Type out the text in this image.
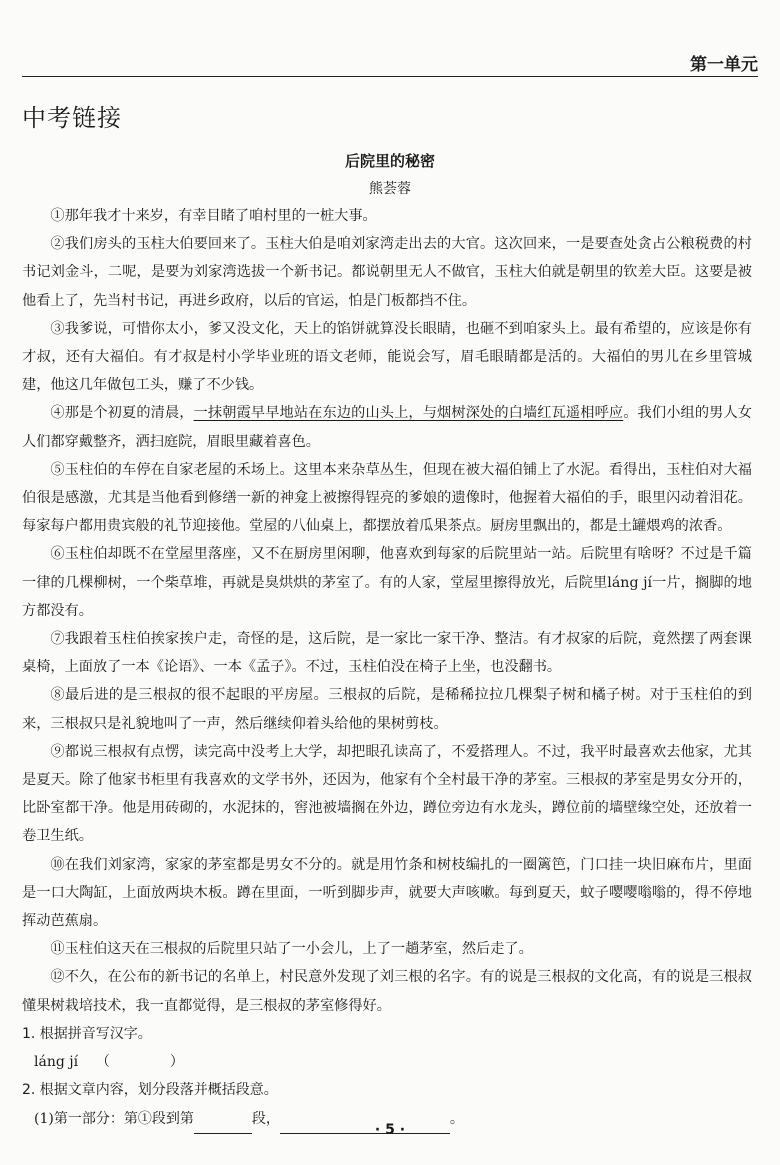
第一单元
中考链接
后院里的秘密
熊荟蓉

①那年我才十来岁，有幸目睹了咱村里的一桩大事。

②我们房头的玉柱大伯要回来了。玉柱大伯是咱刘家湾走出去的大官。这次回来，一是要查处贪占公粮税费的村书记刘金斗，二呢，是要为刘家湾选拔一个新书记。都说朝里无人不做官，玉柱大伯就是朝里的钦差大臣。这要是被他看上了，先当村书记，再进乡政府，以后的官运，怕是门板都挡不住。

③我爹说，可惜你太小，爹又没文化，天上的馅饼就算没长眼睛，也砸不到咱家头上。最有希望的，应该是你有才叔，还有大福伯。有才叔是村小学毕业班的语文老师，能说会写，眉毛眼睛都是活的。大福伯的男儿在乡里管城建，他这几年做包工头，赚了不少钱。

④那是个初夏的清晨，一抹朝霞早早地站在东边的山头上，与烟树深处的白墙红瓦遥相呼应。我们小组的男人女人们都穿戴整齐，洒扫庭院，眉眼里藏着喜色。

⑤玉柱伯的车停在自家老屋的禾场上。这里本来杂草丛生，但现在被大福伯铺上了水泥。看得出，玉柱伯对大福伯很是感激，尤其是当他看到修缮一新的神龛上被擦得锃亮的爹娘的遗像时，他握着大福伯的手，眼里闪动着泪花。每家每户都用贵宾般的礼节迎接他。堂屋的八仙桌上，都摆放着瓜果茶点。厨房里飘出的，都是土罐煨鸡的浓香。

⑥玉柱伯却既不在堂屋里落座，又不在厨房里闲聊，他喜欢到每家的后院里站一站。后院里有啥呀？不过是千篇一律的几棵柳树，一个柴草堆，再就是臭烘烘的茅室了。有的人家，堂屋里擦得放光，后院里láng jí一片，搁脚的地方都没有。

⑦我跟着玉柱伯挨家挨户走，奇怪的是，这后院，是一家比一家干净、整洁。有才叔家的后院，竟然摆了两套课桌椅，上面放了一本《论语》、一本《孟子》。不过，玉柱伯没在椅子上坐，也没翻书。

⑧最后进的是三根叔的很不起眼的平房屋。三根叔的后院，是稀稀拉拉几棵梨子树和橘子树。对于玉柱伯的到来，三根叔只是礼貌地叫了一声，然后继续仰着头给他的果树剪枝。

⑨都说三根叔有点愣，读完高中没考上大学，却把眼孔读高了，不爱搭理人。不过，我平时最喜欢去他家，尤其是夏天。除了他家书柜里有我喜欢的文学书外，还因为，他家有个全村最干净的茅室。三根叔的茅室是男女分开的，比卧室都干净。他是用砖砌的，水泥抹的，窖池被墙搁在外边，蹲位旁边有水龙头，蹲位前的墙壁缘空处，还放着一卷卫生纸。

⑩在我们刘家湾，家家的茅室都是男女不分的。就是用竹条和树枝编扎的一圈篱笆，门口挂一块旧麻布片，里面是一口大陶缸，上面放两块木板。蹲在里面，一听到脚步声，就要大声咳嗽。每到夏天，蚊子嘤嘤嗡嗡的，得不停地挥动芭蕉扇。

⑪玉柱伯这天在三根叔的后院里只站了一小会儿，上了一趟茅室，然后走了。

⑫不久，在公布的新书记的名单上，村民意外发现了刘三根的名字。有的说是三根叔的文化高，有的说是三根叔懂果树栽培技术，我一直都觉得，是三根叔的茅室修得好。

1. 根据拼音写汉字。
láng jí （	）
2. 根据文章内容，划分段落并概括段意。
(1)第一部分：第①段到第	段，	。
· 5 ·
